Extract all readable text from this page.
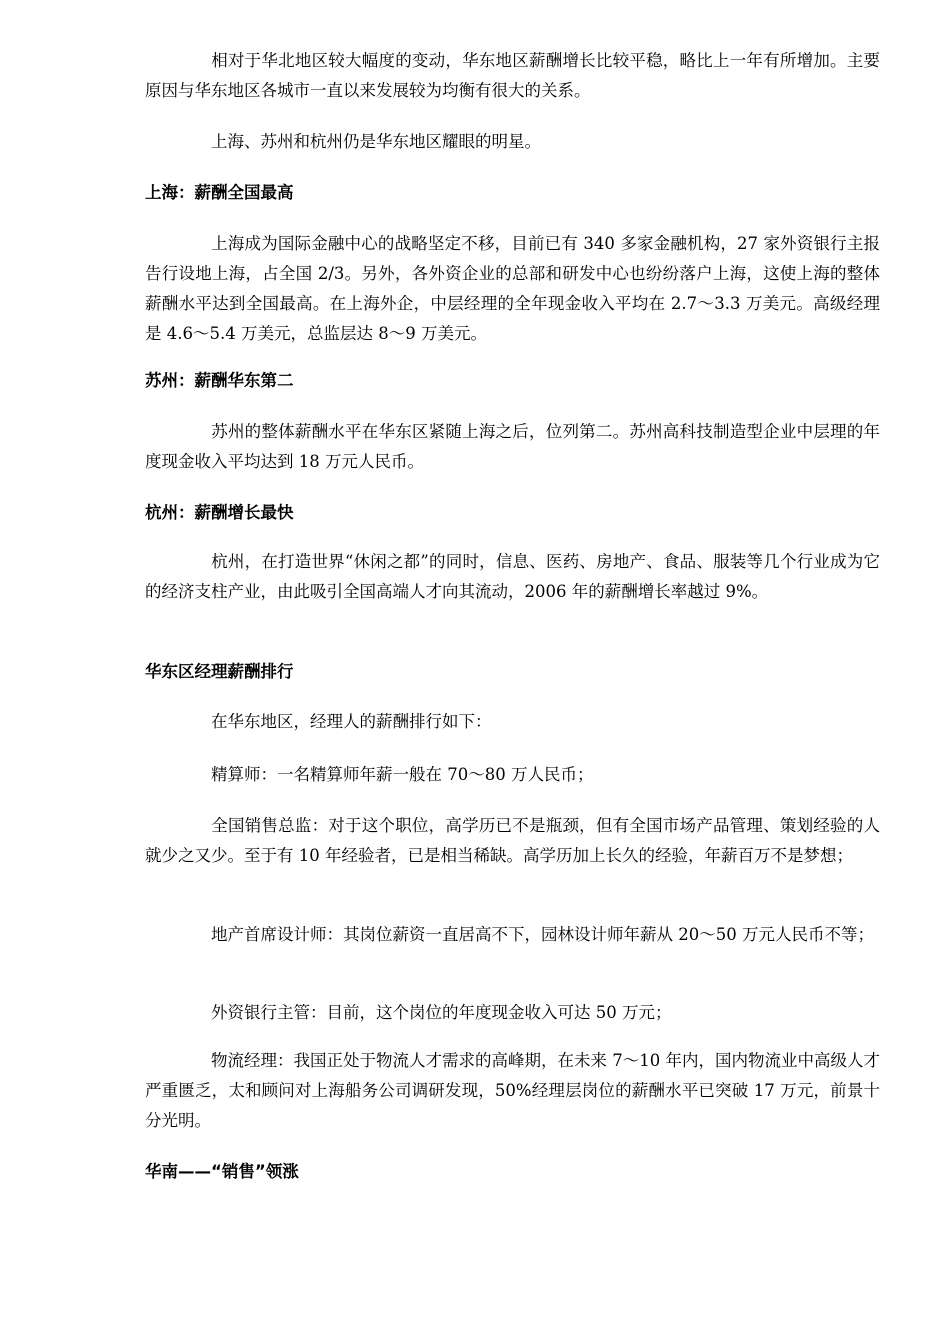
相对于华北地区较大幅度的变动，华东地区薪酬增长比较平稳，略比上一年有所增加。主要原因与华东地区各城市一直以来发展较为均衡有很大的关系。

上海、苏州和杭州仍是华东地区耀眼的明星。

上海：薪酬全国最高

上海成为国际金融中心的战略坚定不移，目前已有 340 多家金融机构，27 家外资银行主报告行设地上海，占全国 2/3。另外，各外资企业的总部和研发中心也纷纷落户上海，这使上海的整体薪酬水平达到全国最高。在上海外企，中层经理的全年现金收入平均在 2.7～3.3 万美元。高级经理是 4.6～5.4 万美元，总监层达 8～9 万美元。

苏州：薪酬华东第二

苏州的整体薪酬水平在华东区紧随上海之后，位列第二。苏州高科技制造型企业中层理的年度现金收入平均达到 18 万元人民币。

杭州：薪酬增长最快

杭州，在打造世界“休闲之都”的同时，信息、医药、房地产、食品、服装等几个行业成为它的经济支柱产业，由此吸引全国高端人才向其流动，2006 年的薪酬增长率越过 9%。

华东区经理薪酬排行

在华东地区，经理人的薪酬排行如下：

精算师：一名精算师年薪一般在 70～80 万人民币；

全国销售总监：对于这个职位，高学历已不是瓶颈，但有全国市场产品管理、策划经验的人就少之又少。至于有 10 年经验者，已是相当稀缺。高学历加上长久的经验，年薪百万不是梦想；

地产首席设计师：其岗位薪资一直居高不下，园林设计师年薪从 20～50 万元人民币不等；

外资银行主管：目前，这个岗位的年度现金收入可达 50 万元；

物流经理：我国正处于物流人才需求的高峰期，在未来 7～10 年内，国内物流业中高级人才严重匮乏，太和顾问对上海船务公司调研发现，50%经理层岗位的薪酬水平已突破 17 万元，前景十分光明。

华南——“销售”领涨
